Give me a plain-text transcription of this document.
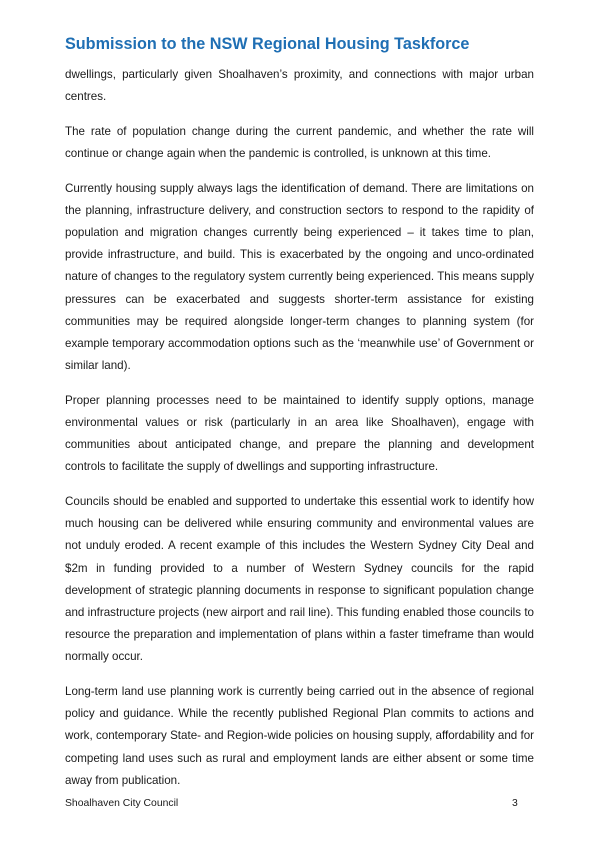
Submission to the NSW Regional Housing Taskforce

dwellings, particularly given Shoalhaven’s proximity, and connections with major urban centres.

The rate of population change during the current pandemic, and whether the rate will continue or change again when the pandemic is controlled, is unknown at this time.

Currently housing supply always lags the identification of demand. There are limitations on the planning, infrastructure delivery, and construction sectors to respond to the rapidity of population and migration changes currently being experienced – it takes time to plan, provide infrastructure, and build. This is exacerbated by the ongoing and unco-ordinated nature of changes to the regulatory system currently being experienced. This means supply pressures can be exacerbated and suggests shorter-term assistance for existing communities may be required alongside longer-term changes to planning system (for example temporary accommodation options such as the ‘meanwhile use’ of Government or similar land).

Proper planning processes need to be maintained to identify supply options, manage environmental values or risk (particularly in an area like Shoalhaven), engage with communities about anticipated change, and prepare the planning and development controls to facilitate the supply of dwellings and supporting infrastructure.

Councils should be enabled and supported to undertake this essential work to identify how much housing can be delivered while ensuring community and environmental values are not unduly eroded. A recent example of this includes the Western Sydney City Deal and $2m in funding provided to a number of Western Sydney councils for the rapid development of strategic planning documents in response to significant population change and infrastructure projects (new airport and rail line). This funding enabled those councils to resource the preparation and implementation of plans within a faster timeframe than would normally occur.

Long-term land use planning work is currently being carried out in the absence of regional policy and guidance. While the recently published Regional Plan commits to actions and work, contemporary State- and Region-wide policies on housing supply, affordability and for competing land uses such as rural and employment lands are either absent or some time away from publication.

Shoalhaven City Council	3
